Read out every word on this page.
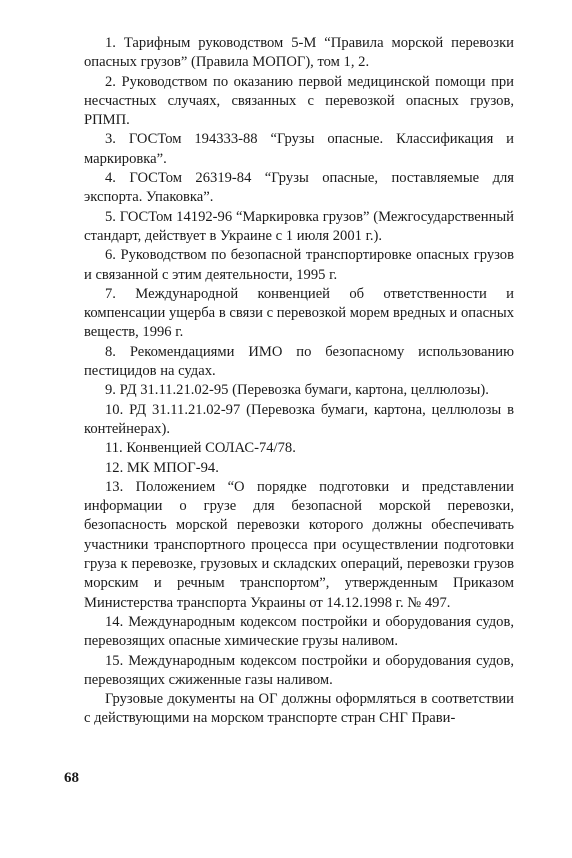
1. Тарифным руководством 5-М “Правила морской перевозки опасных грузов” (Правила МОПОГ), том 1, 2.

2. Руководством по оказанию первой медицинской помощи при несчастных случаях, связанных с перевозкой опасных грузов, РПМП.

3. ГОСТом 194333-88 “Грузы опасные. Классификация и маркировка”.

4. ГОСТом 26319-84 “Грузы опасные, поставляемые для экспорта. Упаковка”.

5. ГОСТом 14192-96 “Маркировка грузов” (Межгосударственный стандарт, действует в Украине с 1 июля 2001 г.).

6. Руководством по безопасной транспортировке опасных грузов и связанной с этим деятельности, 1995 г.

7. Международной конвенцией об ответственности и компенсации ущерба в связи с перевозкой морем вредных и опасных веществ, 1996 г.

8. Рекомендациями ИМО по безопасному использованию пестицидов на судах.

9. РД 31.11.21.02-95 (Перевозка бумаги, картона, целлюлозы).

10. РД 31.11.21.02-97 (Перевозка бумаги, картона, целлюлозы в контейнерах).

11. Конвенцией СОЛАС-74/78.

12. МК МПОГ-94.

13. Положением “О порядке подготовки и представлении информации о грузе для безопасной морской перевозки, безопасность морской перевозки которого должны обеспечивать участники транспортного процесса при осуществлении подготовки груза к перевозке, грузовых и складских операций, перевозки грузов морским и речным транспортом”, утвержденным Приказом Министерства транспорта Украины от 14.12.1998 г. № 497.

14. Международным кодексом постройки и оборудования судов, перевозящих опасные химические грузы наливом.

15. Международным кодексом постройки и оборудования судов, перевозящих сжиженные газы наливом.

Грузовые документы на ОГ должны оформляться в соответствии с действующими на морском транспорте стран СНГ Прави-

68
